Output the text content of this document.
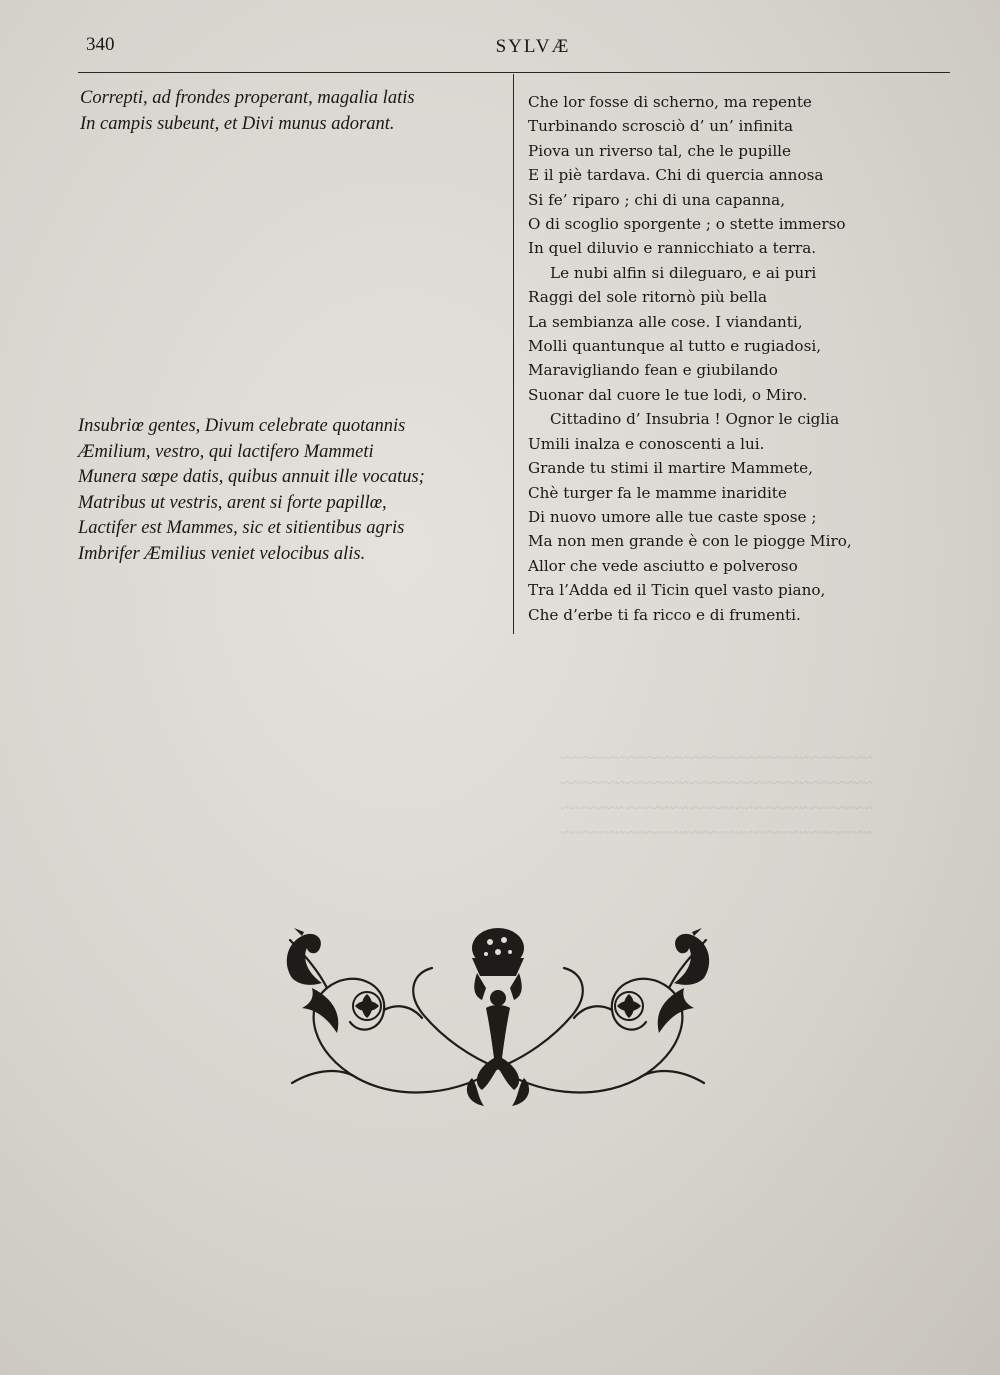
~~~~~~~~~~~~~~~~~~~~~~~~~~~~~~~~~~
~~~~~~~~~~~~~~~~~~~~~~~~~~~~~~~~~~
~~~~~~~~~~~~~~~~~~~~~~~~~~~~~~~~~~
~~~~~~~~~~~~~~~~~~~~~~~~~~~~~~~~~~
340	SYLVÆ
Correpti, ad frondes properant, magalia latis
In campis subeunt, et Divi munus adorant.
Insubriœ gentes, Divum celebrate quotannis
Æmilium, vestro, qui lactifero Mammeti
Munera sœpe datis, quibus annuit ille vocatus;
Matribus ut vestris, arent si forte papillœ,
Lactifer est Mammes, sic et sitientibus agris
Imbrifer Æmilius veniet velocibus alis.
Che lor fosse di scherno, ma repente
Turbinando scrosciò d’ un’ infinita
Piova un riverso tal, che le pupille
E il piè tardava. Chi di quercia annosa
Si fe’ riparo ; chi di una capanna,
O di scoglio sporgente ; o stette immerso
In quel diluvio e rannicchiato a terra.
Le nubi alfin si dileguaro, e ai puri
Raggi del sole ritornò più bella
La sembianza alle cose. I viandanti,
Molli quantunque al tutto e rugiadosi,
Maravigliando fean e giubilando
Suonar dal cuore le tue lodi, o Miro.
Cittadino d’ Insubria ! Ognor le ciglia
Umili inalza e conoscenti a lui.
Grande tu stimi il martire Mammete,
Chè turger fa le mamme inaridite
Di nuovo umore alle tue caste spose ;
Ma non men grande è con le piogge Miro,
Allor che vede asciutto e polveroso
Tra l’Adda ed il Ticin quel vasto piano,
Che d’erbe ti fa ricco e di frumenti.
